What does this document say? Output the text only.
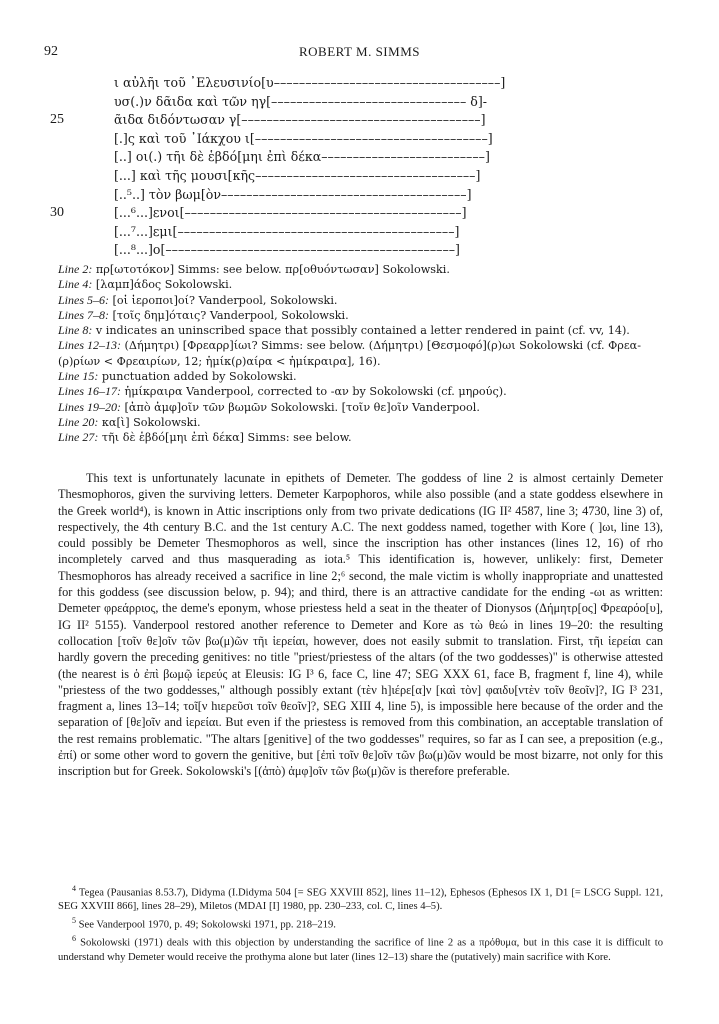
92	ROBERT M. SIMMS
ι αὐλῆι τοῦ ᾿Ελευσινίο[υ––––––––––––––––––––––––––––––––––––]
υσ(.)ν δᾶιδα καὶ τῶν ηγ[––––––––––––––––––––––––––––––– δ]-
25	ᾶιδα διδόντωσαν γ[––––––––––––––––––––––––––––––––––––––]
[.]ς καὶ τοῦ ᾿Ιάκχου ι[–––––––––––––––––––––––––––––––––––––]
[..] οι(.) τῆι δὲ ἑβδό[μηι ἐπὶ δέκα––––––––––––––––––––––––––]
[...] καὶ τῆς μουσι[κῆς–––––––––––––––––––––––––––––––––––]
[..⁵..] τὸν βωμ[ὸν–––––––––––––––––––––––––––––––––––––––]
30	[...⁶...]ενοι[––––––––––––––––––––––––––––––––––––––––––––]
[...⁷...]εμι[––––––––––––––––––––––––––––––––––––––––––––]
[...⁸...]ο[––––––––––––––––––––––––––––––––––––––––––––––]
Line 2: πρ[ωτοτόκον] Simms: see below. πρ[οθυόντωσαν] Sokolowski.
Line 4: [λαμπ]άδος Sokolowski.
Lines 5–6: [οἱ ἱεροποι]οί? Vanderpool, Sokolowski.
Lines 7–8: [τοῖς δημ]όταις? Vanderpool, Sokolowski.
Line 8: v indicates an uninscribed space that possibly contained a letter rendered in paint (cf. vv, 14).
Lines 12–13: (Δήμητρι) [Φρεαρρ]ίωι? Simms: see below. (Δήμητρι) [Θεσμοφό](ρ)ωι Sokolowski (cf. Φρεα-
(ρ)ρίων < Φρεαιρίων, 12; ἡμίκ(ρ)αίρα < ἡμίκραιρα], 16).
Line 15: punctuation added by Sokolowski.
Lines 16–17: ἡμίκραιρα Vanderpool, corrected to -αν by Sokolowski (cf. μηρούς).
Lines 19–20: [ἀπὸ ἀμφ]οῖν τῶν βωμῶν Sokolowski. [τοῖν θε]οῖν Vanderpool.
Line 20: κα[ὶ] Sokolowski.
Line 27: τῆι δὲ ἑβδό[μηι ἐπὶ δέκα] Simms: see below.

This text is unfortunately lacunate in epithets of Demeter. The goddess of line 2 is almost certainly Demeter Thesmophoros, given the surviving letters. Demeter Karpophoros, while also possible (and a state goddess elsewhere in the Greek world⁴), is known in Attic inscriptions only from two private dedications (IG II² 4587, line 3; 4730, line 3) of, respectively, the 4th century B.C. and the 1st century A.C. The next goddess named, together with Kore ( ]ωι, line 13), could possibly be Demeter Thesmophoros as well, since the inscription has other instances (lines 12, 16) of rho incompletely carved and thus masquerading as iota.⁵ This identification is, however, unlikely: first, Demeter Thesmophoros has already received a sacrifice in line 2;⁶ second, the male victim is wholly inappropriate and unattested for this goddess (see discussion below, p. 94); and third, there is an attractive candidate for the ending -ωι as written: Demeter φρεάρριος, the deme's eponym, whose priestess held a seat in the theater of Dionysos (Δήμητρ[ος] Φρεαρόο[υ], IG II² 5155). Vanderpool restored another reference to Demeter and Kore as τὼ θεώ in lines 19–20: the resulting collocation [τοῖν θε]οῖν τῶν βω(μ)ῶν τῆι ἱερείαι, however, does not easily submit to translation. First, τῆι ἱερείαι can hardly govern the preceding genitives: no title "priest/priestess of the altars (of the two goddesses)" is otherwise attested (the nearest is ὁ ἐπὶ βωμῷ ἱερεύς at Eleusis: IG I³ 6, face C, line 47; SEG XXX 61, face B, fragment f, line 4), while "priestess of the two goddesses," although possibly extant (τὲν h]ιέρε[α]ν [καὶ τὸν] φαιδυ[ντὲν τοῖν θεοῖν]?, IG I³ 231, fragment a, lines 13–14; τοῖ[ν hιερεῦσι τοῖν θεοῖν]?, SEG XIII 4, line 5), is impossible here because of the order and the separation of [θε]οῖν and ἱερείαι. But even if the priestess is removed from this combination, an acceptable translation of the rest remains problematic. "The altars [genitive] of the two goddesses" requires, so far as I can see, a preposition (e.g., ἐπί) or some other word to govern the genitive, but [ἐπὶ τοῖν θε]οῖν τῶν βω(μ)ῶν would be most bizarre, not only for this inscription but for Greek. Sokolowski's [(ἀπὸ) ἀμφ]οῖν τῶν βω(μ)ῶν is therefore preferable.

$^4$ Tegea (Pausanias 8.53.7), Didyma (I.Didyma 504 [= SEG XXVIII 852], lines 11–12), Ephesos (Ephesos IX 1, D1 [= LSCG Suppl. 121, SEG XXVIII 866], lines 28–29), Miletos (MDAI [I] 1980, pp. 230–233, col. C, lines 4–5).

$^5$ See Vanderpool 1970, p. 49; Sokolowski 1971, pp. 218–219.

$^6$ Sokolowski (1971) deals with this objection by understanding the sacrifice of line 2 as a πρόθυμα, but in this case it is difficult to understand why Demeter would receive the prothyma alone but later (lines 12–13) share the (putatively) main sacrifice with Kore.
